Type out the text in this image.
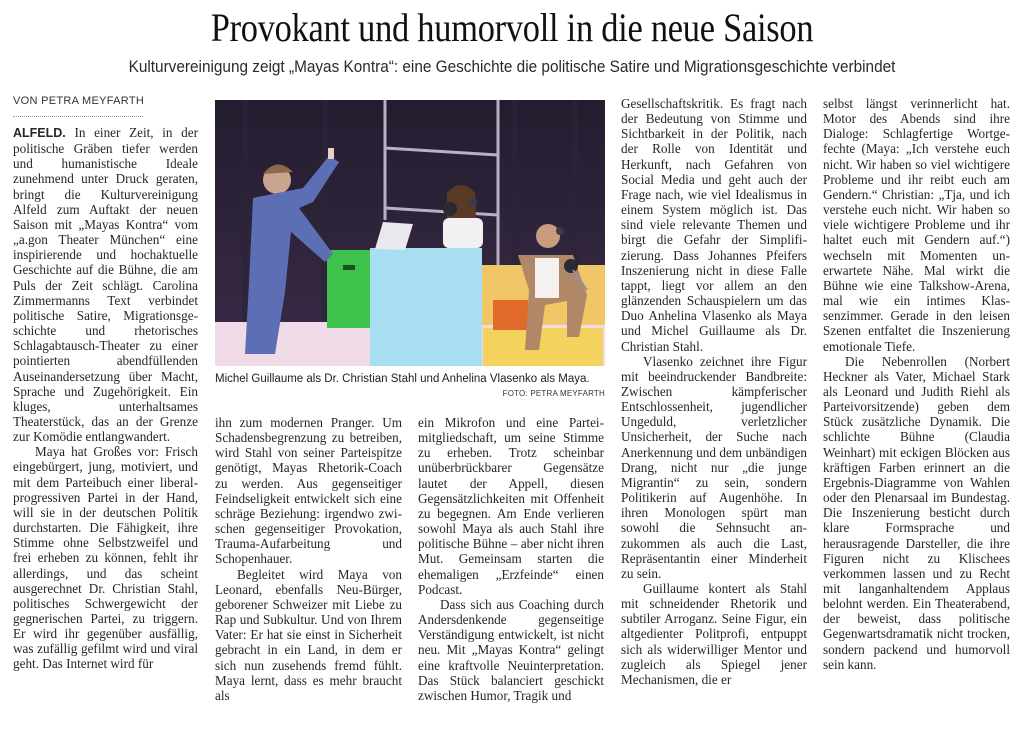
Provokant und humorvoll in die neue Saison
Kulturvereinigung zeigt „Mayas Kontra“: eine Geschichte die politische Satire und Migrationsgeschichte verbindet
VON PETRA MEYFARTH

ALFELD. In einer Zeit, in der politische Gräben tiefer werden und humanistische Ideale zunehmend unter Druck geraten, bringt die Kulturvereinigung Alfeld zum Auftakt der neuen Saison mit „Mayas Kontra“ vom „a.gon Theater München“ eine inspirierende und hochaktuelle Geschichte auf die Bühne, die am Puls der Zeit schlägt. Carolina Zimmermanns Text verbindet politische Satire, Migrationsgeschichte und rhetorisches Schlagabtausch-Theater zu einer pointierten abendfüllenden Auseinandersetzung über Macht, Sprache und Zugehörigkeit. Ein kluges, unterhaltsames Theaterstück, das an der Grenze zur Komödie entlangwandert.

Maya hat Großes vor: Frisch eingebürgert, jung, motiviert, und mit dem Parteibuch einer liberal-progressiven Partei in der Hand, will sie in der deutschen Politik durchstarten. Die Fähigkeit, ihre Stimme ohne Selbstzweifel und frei erheben zu können, fehlt ihr allerdings, und das scheint ausgerechnet Dr. Christian Stahl, politisches Schwergewicht der gegnerischen Partei, zu triggern. Er wird ihr gegenüber ausfällig, was zufällig gefilmt wird und viral geht. Das Internet wird für

Michel Guillaume als Dr. Christian Stahl und Anhelina Vlasenko als Maya.
FOTO: PETRA MEYFARTH

ihn zum modernen Pranger. Um Schadensbegrenzung zu betreiben, wird Stahl von seiner Parteispitze genötigt, Mayas Rhetorik-Coach zu werden. Aus gegenseitiger Feindseligkeit entwickelt sich eine schräge Beziehung: irgendwo zwischen gegenseitiger Provokation, Trauma-Aufarbeitung und Schopenhauer.

Begleitet wird Maya von Leonard, ebenfalls Neu-Bürger, geborener Schweizer mit Liebe zu Rap und Subkultur. Und von Ihrem Vater: Er hat sie einst in Sicherheit gebracht in ein Land, in dem er sich nun zusehends fremd fühlt. Maya lernt, dass es mehr braucht als

ein Mikrofon und eine Parteimitgliedschaft, um seine Stimme zu erheben. Trotz scheinbar unüberbrückbarer Gegensätze lautet der Appell, diesen Gegensätzlichkeiten mit Offenheit zu begegnen. Am Ende verlieren sowohl Maya als auch Stahl ihre politische Bühne – aber nicht ihren Mut. Gemeinsam starten die ehemaligen „Erzfeinde“ einen Podcast.

Dass sich aus Coaching durch Andersdenkende gegenseitige Verständigung entwickelt, ist nicht neu. Mit „Mayas Kontra“ gelingt eine kraftvolle Neuinterpretation. Das Stück balanciert geschickt zwischen Humor, Tragik und

Gesellschaftskritik. Es fragt nach der Bedeutung von Stimme und Sichtbarkeit in der Politik, nach der Rolle von Identität und Herkunft, nach Gefahren von Social Media und geht auch der Frage nach, wie viel Idealismus in einem System möglich ist. Das sind viele relevante Themen und birgt die Gefahr der Simplifizierung. Dass Johannes Pfeifers Inszenierung nicht in diese Falle tappt, liegt vor allem an den glänzenden Schauspielern um das Duo Anhelina Vlasenko als Maya und Michel Guillaume als Dr. Christian Stahl.

Vlasenko zeichnet ihre Figur mit beeindruckender Bandbreite: Zwischen kämpferischer Entschlossenheit, jugendlicher Ungeduld, verletzlicher Unsicherheit, der Suche nach Anerkennung und dem unbändigen Drang, nicht nur „die junge Migrantin“ zu sein, sondern Politikerin auf Augenhöhe. In ihren Monologen spürt man sowohl die Sehnsucht anzukommen als auch die Last, Repräsentantin einer Minderheit zu sein.

Guillaume kontert als Stahl mit schneidender Rhetorik und subtiler Arroganz. Seine Figur, ein altgedienter Politprofi, entpuppt sich als widerwilliger Mentor und zugleich als Spiegel jener Mechanismen, die er

selbst längst verinnerlicht hat. Motor des Abends sind ihre Dialoge: Schlagfertige Wortgefechte (Maya: „Ich verstehe euch nicht. Wir haben so viel wichtigere Probleme und ihr reibt euch am Gendern.“ Christian: „Tja, und ich verstehe euch nicht. Wir haben so viele wichtigere Probleme und ihr haltet euch mit Gendern auf.“) wechseln mit Momenten unerwartete Nähe. Mal wirkt die Bühne wie eine Talkshow-Arena, mal wie ein intimes Klassenzimmer. Gerade in den leisen Szenen entfaltet die Inszenierung emotionale Tiefe.

Die Nebenrollen (Norbert Heckner als Vater, Michael Stark als Leonard und Judith Riehl als Parteivorsitzende) geben dem Stück zusätzliche Dynamik. Die schlichte Bühne (Claudia Weinhart) mit eckigen Blöcken aus kräftigen Farben erinnert an die Ergebnis-Diagramme von Wahlen oder den Plenarsaal im Bundestag. Die Inszenierung besticht durch klare Formsprache und herausragende Darsteller, die ihre Figuren nicht zu Klischees verkommen lassen und zu Recht mit langanhaltendem Applaus belohnt werden. Ein Theaterabend, der beweist, dass politische Gegenwartsdramatik nicht trocken, sondern packend und humorvoll sein kann.
